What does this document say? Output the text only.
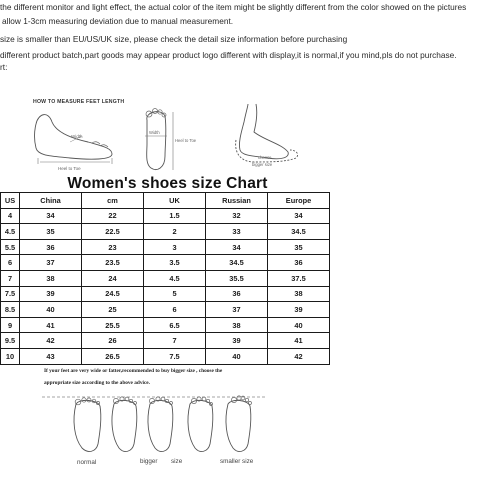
the different monitor and light effect, the actual color of the item might be slightly different from the color showed on the pictures
allow 1-3cm measuring deviation due to manual measurement.
size is smaller than EU/US/UK size, please check the detail size information before purchasing
different product batch,part goods may appear product logo different with display,it is normal,if you mind,pls do not purchase.
rt:
HOW TO MEASURE FEET LENGTH
Width
Heel to Toe
Width
Heel to Toe
choose
bigger size
Women's shoes size Chart
US	China	cm	UK	Russian	Europe
4	34	22	1.5	32	34
4.5	35	22.5	2	33	34.5
5.5	36	23	3	34	35
6	37	23.5	3.5	34.5	36
7	38	24	4.5	35.5	37.5
7.5	39	24.5	5	36	38
8.5	40	25	6	37	39
9	41	25.5	6.5	38	40
9.5	42	26	7	39	41
10	43	26.5	7.5	40	42
If your feet are very wide or fatter,recommended to buy bigger size , choose the
appropriate size according to the above advice.
normal	bigger size	smaller size
